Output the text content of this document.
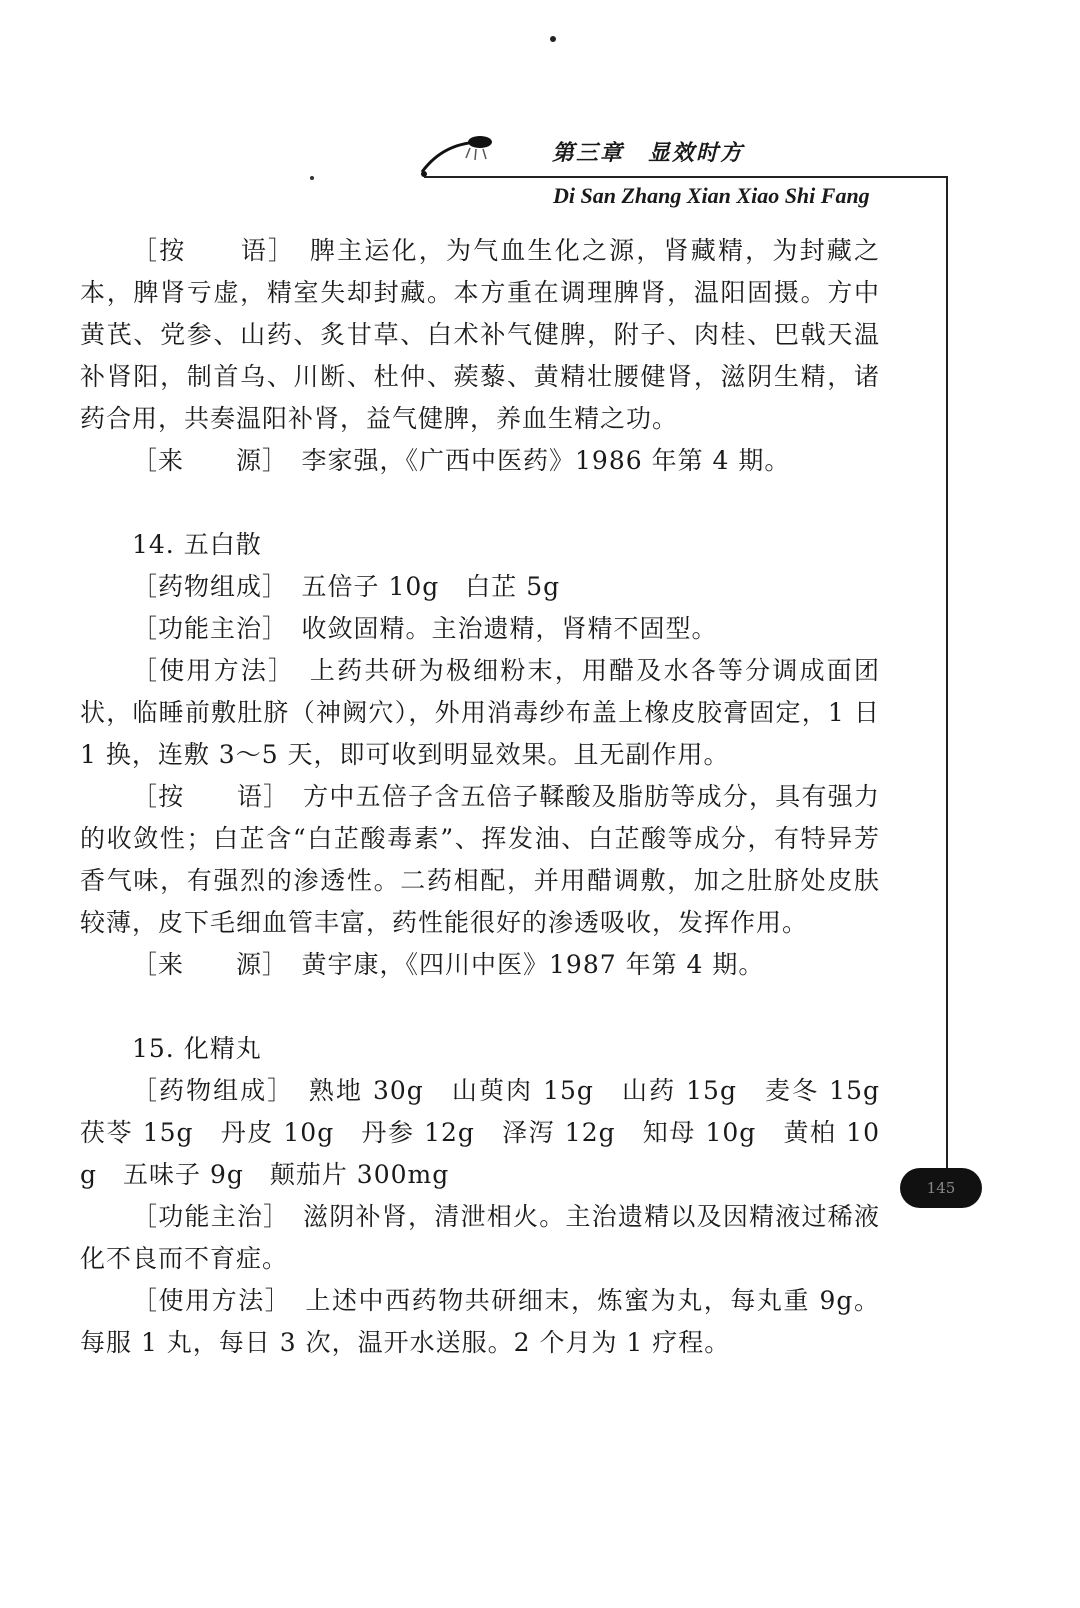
第三章　显效时方
Di San Zhang Xian Xiao Shi Fang
145

［按　　语］　脾主运化，为气血生化之源，肾藏精，为封藏之本，脾肾亏虚，精室失却封藏。本方重在调理脾肾，温阳固摄。方中黄芪、党参、山药、炙甘草、白术补气健脾，附子、肉桂、巴戟天温补肾阳，制首乌、川断、杜仲、蒺藜、黄精壮腰健肾，滋阴生精，诸药合用，共奏温阳补肾，益气健脾，养血生精之功。

［来　　源］　李家强，《广西中医药》1986 年第 4 期。

14. 五白散

［药物组成］　五倍子 10g　白芷 5g

［功能主治］　收敛固精。主治遗精，肾精不固型。

［使用方法］　上药共研为极细粉末，用醋及水各等分调成面团状，临睡前敷肚脐（神阙穴），外用消毒纱布盖上橡皮胶膏固定，1 日 1 换，连敷 3～5 天，即可收到明显效果。且无副作用。

［按　　语］　方中五倍子含五倍子鞣酸及脂肪等成分，具有强力的收敛性；白芷含“白芷酸毒素”、挥发油、白芷酸等成分，有特异芳香气味，有强烈的渗透性。二药相配，并用醋调敷，加之肚脐处皮肤较薄，皮下毛细血管丰富，药性能很好的渗透吸收，发挥作用。

［来　　源］　黄宇康，《四川中医》1987 年第 4 期。

15. 化精丸

［药物组成］　熟地 30g　山萸肉 15g　山药 15g　麦冬 15g　茯苓 15g　丹皮 10g　丹参 12g　泽泻 12g　知母 10g　黄柏 10g　五味子 9g　颠茄片 300mg

［功能主治］　滋阴补肾，清泄相火。主治遗精以及因精液过稀液化不良而不育症。

［使用方法］　上述中西药物共研细末，炼蜜为丸，每丸重 9g。每服 1 丸，每日 3 次，温开水送服。2 个月为 1 疗程。
